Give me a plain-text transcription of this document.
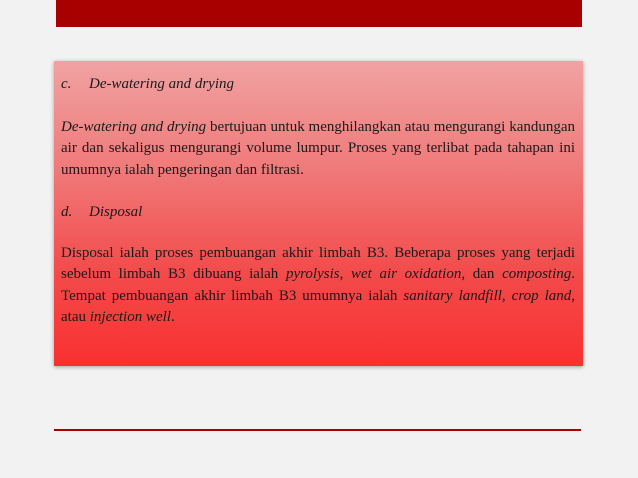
c. De-watering and drying

De-watering and drying bertujuan untuk menghilangkan atau mengurangi kandungan air dan sekaligus mengurangi volume lumpur. Proses yang terlibat pada tahapan ini umumnya ialah pengeringan dan filtrasi.

d. Disposal

Disposal ialah proses pembuangan akhir limbah B3. Beberapa proses yang terjadi sebelum limbah B3 dibuang ialah pyrolysis, wet air oxidation, dan composting. Tempat pembuangan akhir limbah B3 umumnya ialah sanitary landfill, crop land, atau injection well.
